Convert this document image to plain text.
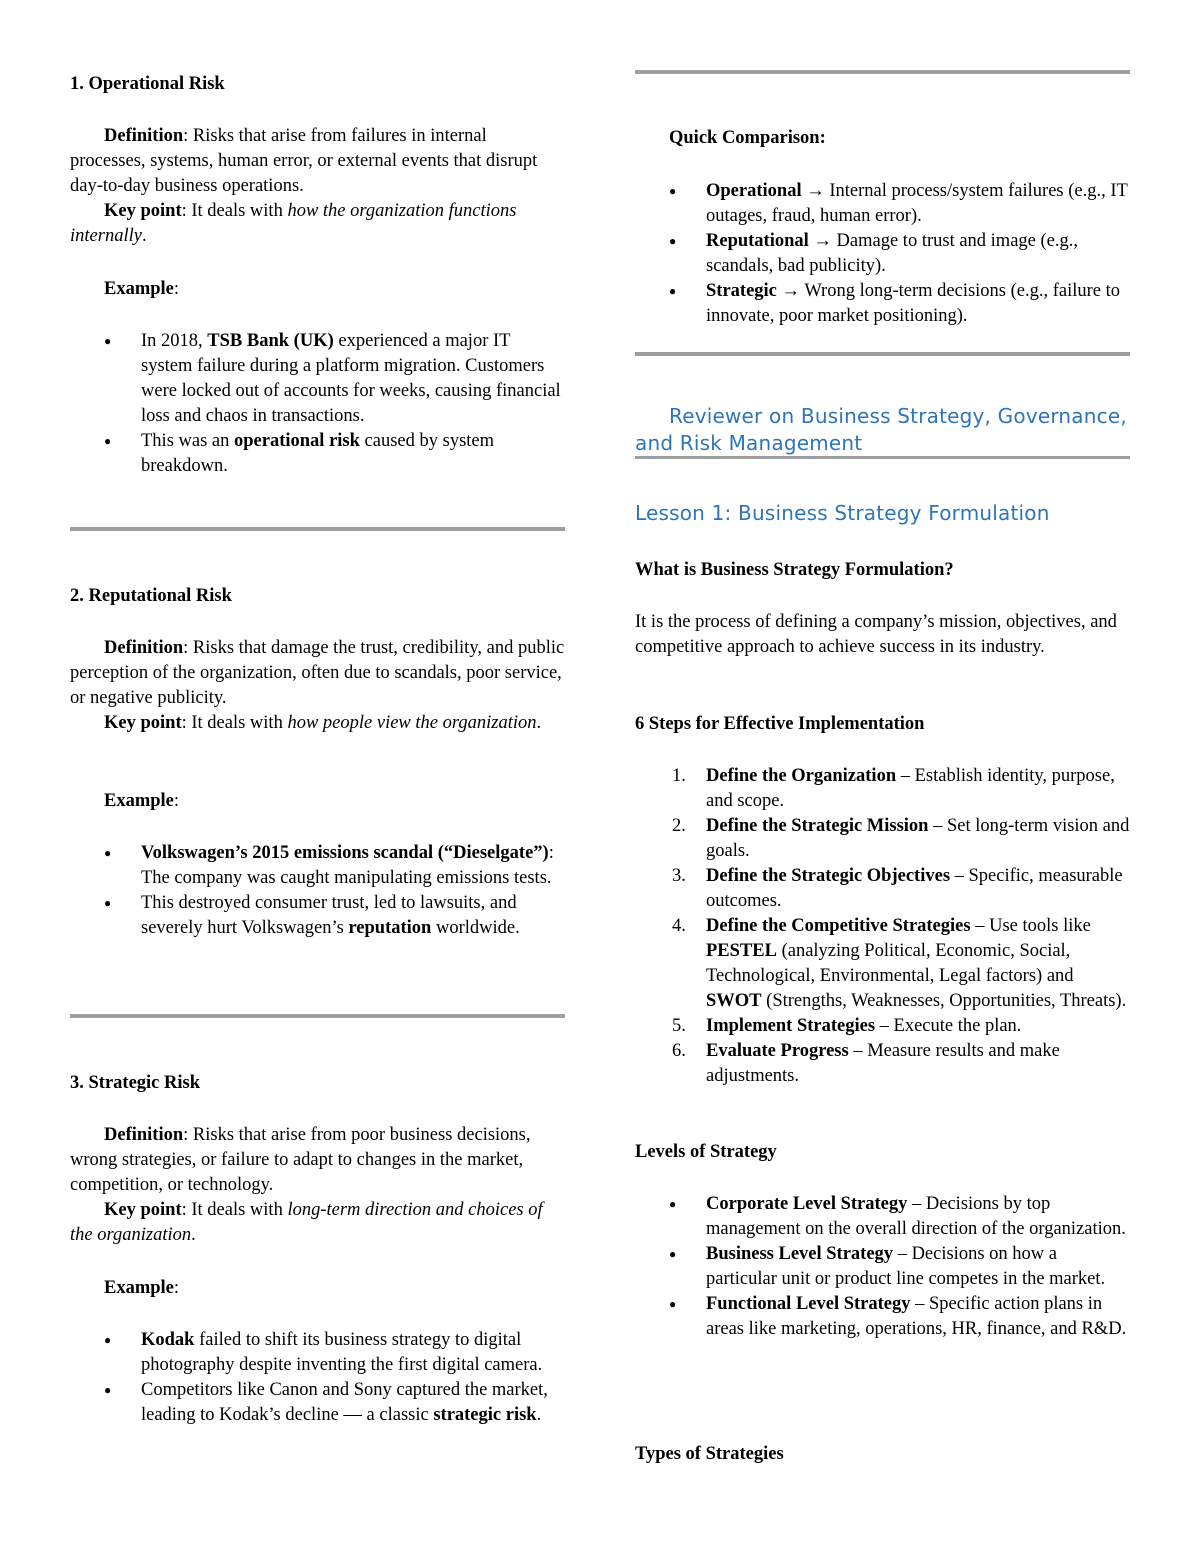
1. Operational Risk

Definition: Risks that arise from failures in internal processes, systems, human error, or external events that disrupt day-to-day business operations.
Key point: It deals with how the organization functions internally.

Example:

● In 2018, TSB Bank (UK) experienced a major IT system failure during a platform migration. Customers were locked out of accounts for weeks, causing financial loss and chaos in transactions.
● This was an operational risk caused by system breakdown.

2. Reputational Risk

Definition: Risks that damage the trust, credibility, and public perception of the organization, often due to scandals, poor service, or negative publicity.
Key point: It deals with how people view the organization.

Example:

● Volkswagen’s 2015 emissions scandal (“Dieselgate”): The company was caught manipulating emissions tests.
● This destroyed consumer trust, led to lawsuits, and severely hurt Volkswagen’s reputation worldwide.

3. Strategic Risk

Definition: Risks that arise from poor business decisions, wrong strategies, or failure to adapt to changes in the market, competition, or technology.
Key point: It deals with long-term direction and choices of the organization.

Example:

● Kodak failed to shift its business strategy to digital photography despite inventing the first digital camera.
● Competitors like Canon and Sony captured the market, leading to Kodak’s decline — a classic strategic risk.

Quick Comparison:

● Operational → Internal process/system failures (e.g., IT outages, fraud, human error).
● Reputational → Damage to trust and image (e.g., scandals, bad publicity).
● Strategic → Wrong long-term decisions (e.g., failure to innovate, poor market positioning).

Reviewer on Business Strategy, Governance, and Risk Management

Lesson 1: Business Strategy Formulation

What is Business Strategy Formulation?

It is the process of defining a company’s mission, objectives, and competitive approach to achieve success in its industry.

6 Steps for Effective Implementation

1.	Define the Organization – Establish identity, purpose, and scope.
2.	Define the Strategic Mission – Set long-term vision and goals.
3.	Define the Strategic Objectives – Specific, measurable outcomes.
4.	Define the Competitive Strategies – Use tools like PESTEL (analyzing Political, Economic, Social, Technological, Environmental, Legal factors) and SWOT (Strengths, Weaknesses, Opportunities, Threats).
5.	Implement Strategies – Execute the plan.
6.	Evaluate Progress – Measure results and make adjustments.

Levels of Strategy

● Corporate Level Strategy – Decisions by top management on the overall direction of the organization.
● Business Level Strategy – Decisions on how a particular unit or product line competes in the market.
● Functional Level Strategy – Specific action plans in areas like marketing, operations, HR, finance, and R&D.

Types of Strategies
